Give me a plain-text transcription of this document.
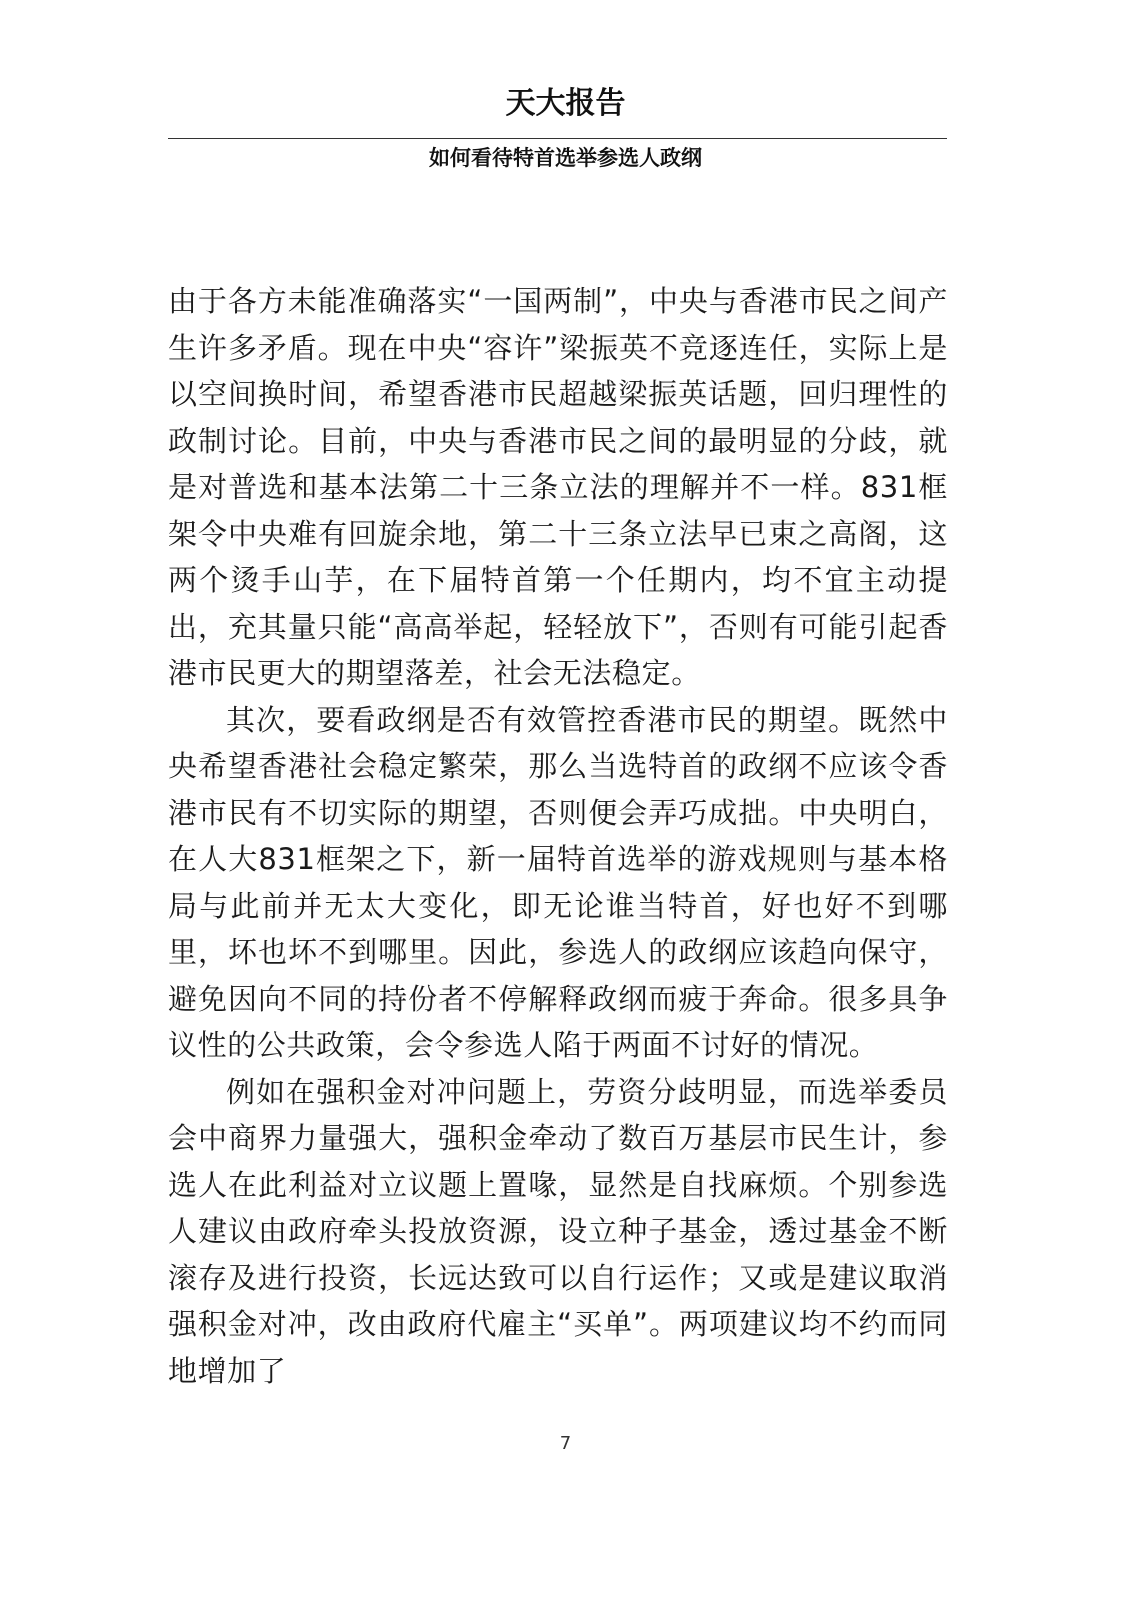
天大报告
如何看待特首选举参选人政纲

由于各方未能准确落实“一国两制”，中央与香港市民之间产生许多矛盾。现在中央“容许”梁振英不竞逐连任，实际上是以空间换时间，希望香港市民超越梁振英话题，回归理性的政制讨论。目前，中央与香港市民之间的最明显的分歧，就是对普选和基本法第二十三条立法的理解并不一样。831框架令中央难有回旋余地，第二十三条立法早已束之高阁，这两个烫手山芋，在下届特首第一个任期内，均不宜主动提出，充其量只能“高高举起，轻轻放下”，否则有可能引起香港市民更大的期望落差，社会无法稳定。

其次，要看政纲是否有效管控香港市民的期望。既然中央希望香港社会稳定繁荣，那么当选特首的政纲不应该令香港市民有不切实际的期望，否则便会弄巧成拙。中央明白，在人大831框架之下，新一届特首选举的游戏规则与基本格局与此前并无太大变化，即无论谁当特首，好也好不到哪里，坏也坏不到哪里。因此，参选人的政纲应该趋向保守，避免因向不同的持份者不停解释政纲而疲于奔命。很多具争议性的公共政策，会令参选人陷于两面不讨好的情况。

例如在强积金对冲问题上，劳资分歧明显，而选举委员会中商界力量强大，强积金牵动了数百万基层市民生计，参选人在此利益对立议题上置喙，显然是自找麻烦。个别参选人建议由政府牵头投放资源，设立种子基金，透过基金不断滚存及进行投资，长远达致可以自行运作；又或是建议取消强积金对冲，改由政府代雇主“买单”。两项建议均不约而同地增加了

7
